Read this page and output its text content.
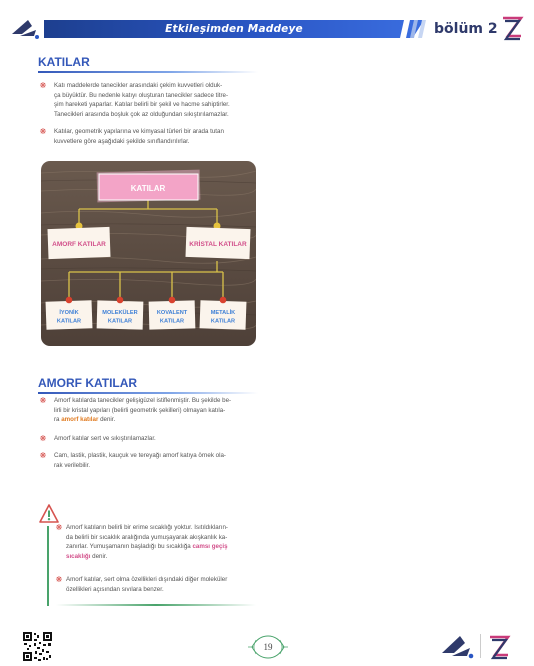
Etkileşimden Maddeye	bölüm 2
KATILAR
❋ Katı maddelerde tanecikler arasındaki çekim kuvvetleri olduk-
ça büyüktür. Bu nedenle katıyı oluşturan tanecikler sadece titre-
şim hareketi yaparlar. Katılar belirli bir şekil ve hacme sahiptirler.
Tanecikleri arasında boşluk çok az olduğundan sıkıştırılamazlar.
❋ Katılar, geometrik yapılarına ve kimyasal türleri bir arada tutan
kuvvetlere göre aşağıdaki şekilde sınıflandırılırlar.
KATILAR
AMORF KATILAR	KRİSTAL KATILAR
İYONİK
KATILAR
MOLEKÜLER
KATILAR
KOVALENT
KATILAR
METALİK
KATILAR
AMORF KATILAR
❋ Amorf katılarda tanecikler gelişigüzel istiflenmiştir. Bu şekilde be-
lirli bir kristal yapıları (belirli geometrik şekilleri) olmayan katıla-
ra amorf katılar denir.
❋ Amorf katılar sert ve sıkıştırılamazlar.
❋ Cam, lastik, plastik, kauçuk ve tereyağı amorf katıya örnek ola-
rak verilebilir.
❋ Amorf katıların belirli bir erime sıcaklığı yoktur. Isıtıldıkların-
da belirli bir sıcaklık aralığında yumuşayarak akışkanlık ka-
zanırlar. Yumuşamanın başladığı bu sıcaklığa camsı geçiş
sıcaklığı denir.
❋ Amorf katılar, sert olma özellikleri dışındaki diğer moleküler
özellikleri açısından sıvılara benzer.
19
